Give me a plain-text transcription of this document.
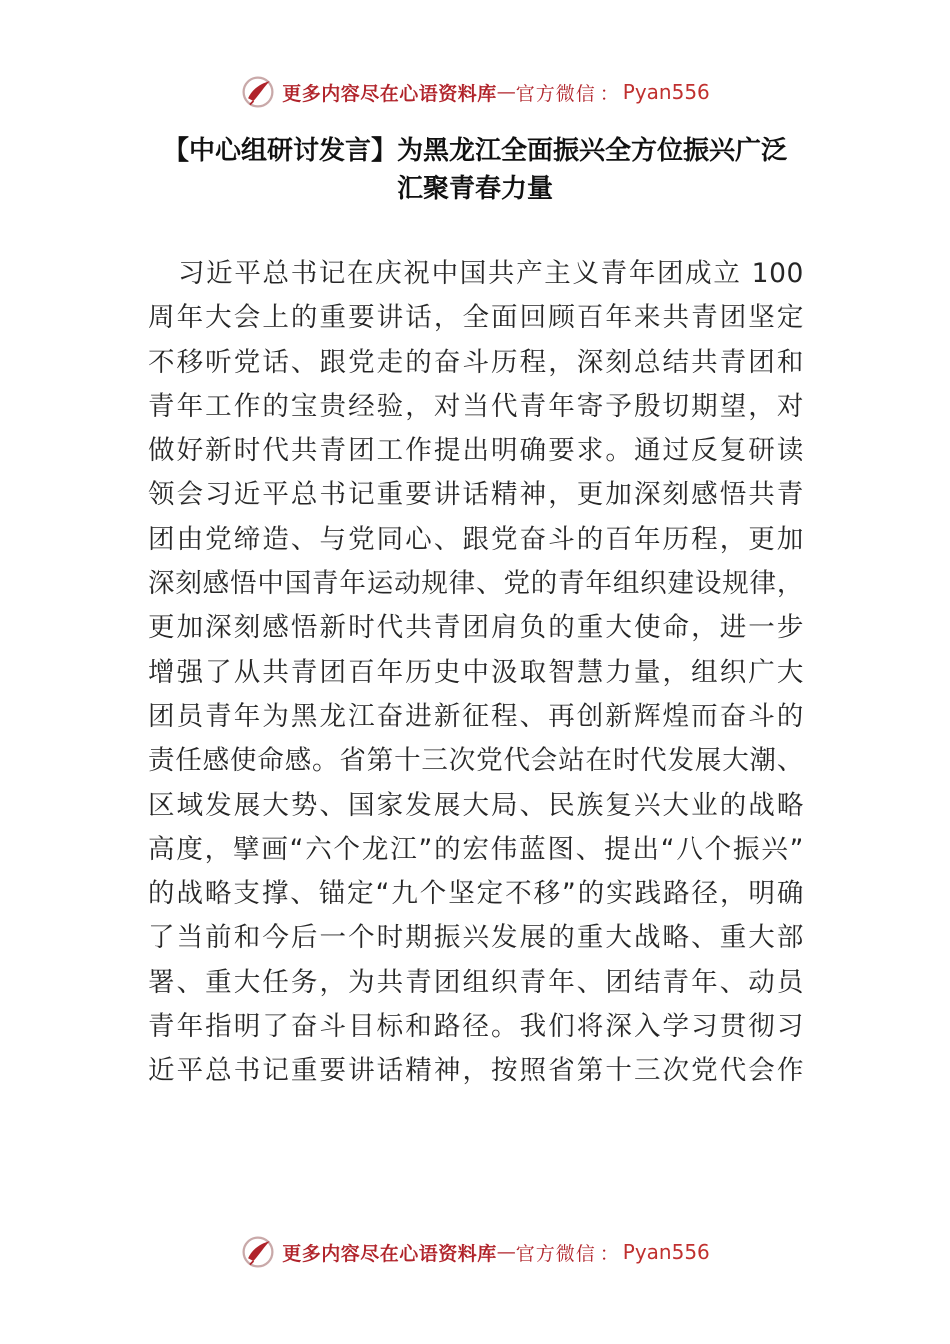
更多内容尽在心语资料库 — 官方微信 ： Pyan556
【中心组研讨发言】为黑龙江全面振兴全方位振兴广泛
汇聚青春力量
习近平总书记在庆祝中国共产主义青年团成立 100
周年大会上的重要讲话，全面回顾百年来共青团坚定
不移听党话、跟党走的奋斗历程，深刻总结共青团和
青年工作的宝贵经验，对当代青年寄予殷切期望，对
做好新时代共青团工作提出明确要求。通过反复研读
领会习近平总书记重要讲话精神，更加深刻感悟共青
团由党缔造、与党同心、跟党奋斗的百年历程，更加
深刻感悟中国青年运动规律、党的青年组织建设规律，
更加深刻感悟新时代共青团肩负的重大使命，进一步
增强了从共青团百年历史中汲取智慧力量，组织广大
团员青年为黑龙江奋进新征程、再创新辉煌而奋斗的
责任感使命感。省第十三次党代会站在时代发展大潮、
区域发展大势、国家发展大局、民族复兴大业的战略
高度，擘画“六个龙江”的宏伟蓝图、提出“八个振兴”
的战略支撑、锚定“九个坚定不移”的实践路径，明确
了当前和今后一个时期振兴发展的重大战略、重大部
署、重大任务，为共青团组织青年、团结青年、动员
青年指明了奋斗目标和路径。我们将深入学习贯彻习
近平总书记重要讲话精神，按照省第十三次党代会作
更多内容尽在心语资料库 — 官方微信 ： Pyan556
